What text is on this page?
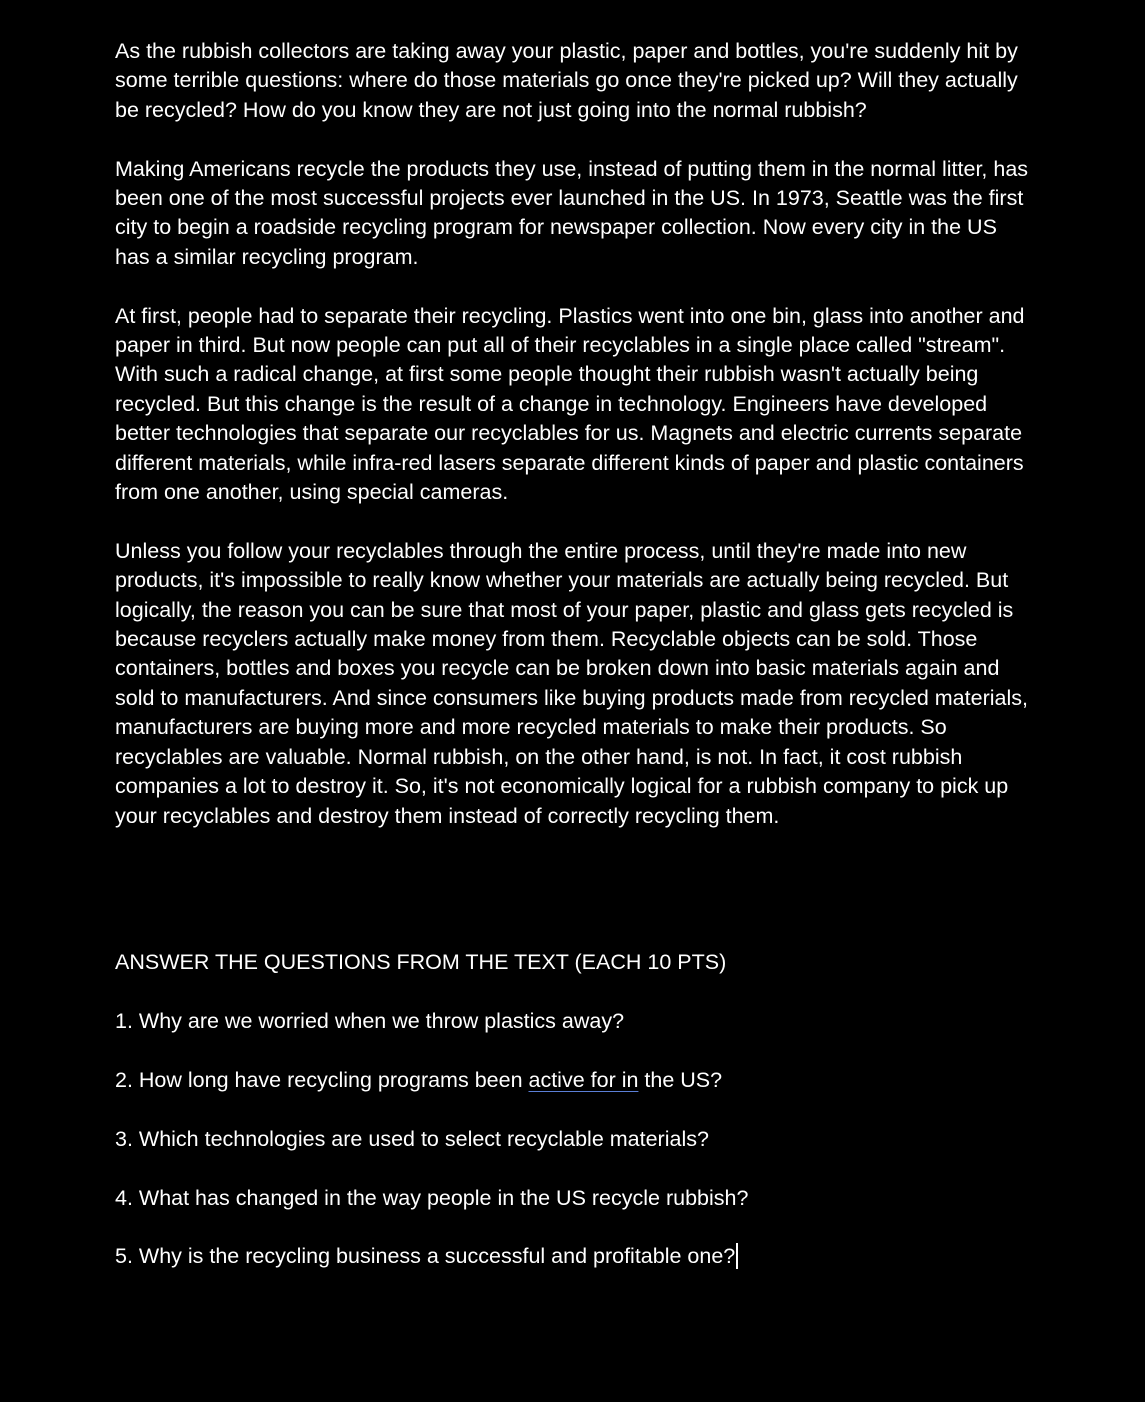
As the rubbish collectors are taking away your plastic, paper and bottles, you're suddenly hit by some terrible questions: where do those materials go once they're picked up? Will they actually be recycled? How do you know they are not just going into the normal rubbish?

Making Americans recycle the products they use, instead of putting them in the normal litter, has been one of the most successful projects ever launched in the US. In 1973, Seattle was the first city to begin a roadside recycling program for newspaper collection. Now every city in the US has a similar recycling program.

At first, people had to separate their recycling. Plastics went into one bin, glass into another and paper in third. But now people can put all of their recyclables in a single place called "stream". With such a radical change, at first some people thought their rubbish wasn't actually being recycled. But this change is the result of a change in technology. Engineers have developed better technologies that separate our recyclables for us. Magnets and electric currents separate different materials, while infra-red lasers separate different kinds of paper and plastic containers from one another, using special cameras.

Unless you follow your recyclables through the entire process, until they're made into new products, it's impossible to really know whether your materials are actually being recycled. But logically, the reason you can be sure that most of your paper, plastic and glass gets recycled is because recyclers actually make money from them. Recyclable objects can be sold. Those containers, bottles and boxes you recycle can be broken down into basic materials again and sold to manufacturers. And since consumers like buying products made from recycled materials, manufacturers are buying more and more recycled materials to make their products. So recyclables are valuable. Normal rubbish, on the other hand, is not. In fact, it cost rubbish companies a lot to destroy it. So, it's not economically logical for a rubbish company to pick up your recyclables and destroy them instead of correctly recycling them.

ANSWER THE QUESTIONS FROM THE TEXT (EACH 10 PTS)

1. Why are we worried when we throw plastics away?

2. How long have recycling programs been active for in the US?

3. Which technologies are used to select recyclable materials?

4. What has changed in the way people in the US recycle rubbish?

5. Why is the recycling business a successful and profitable one?
